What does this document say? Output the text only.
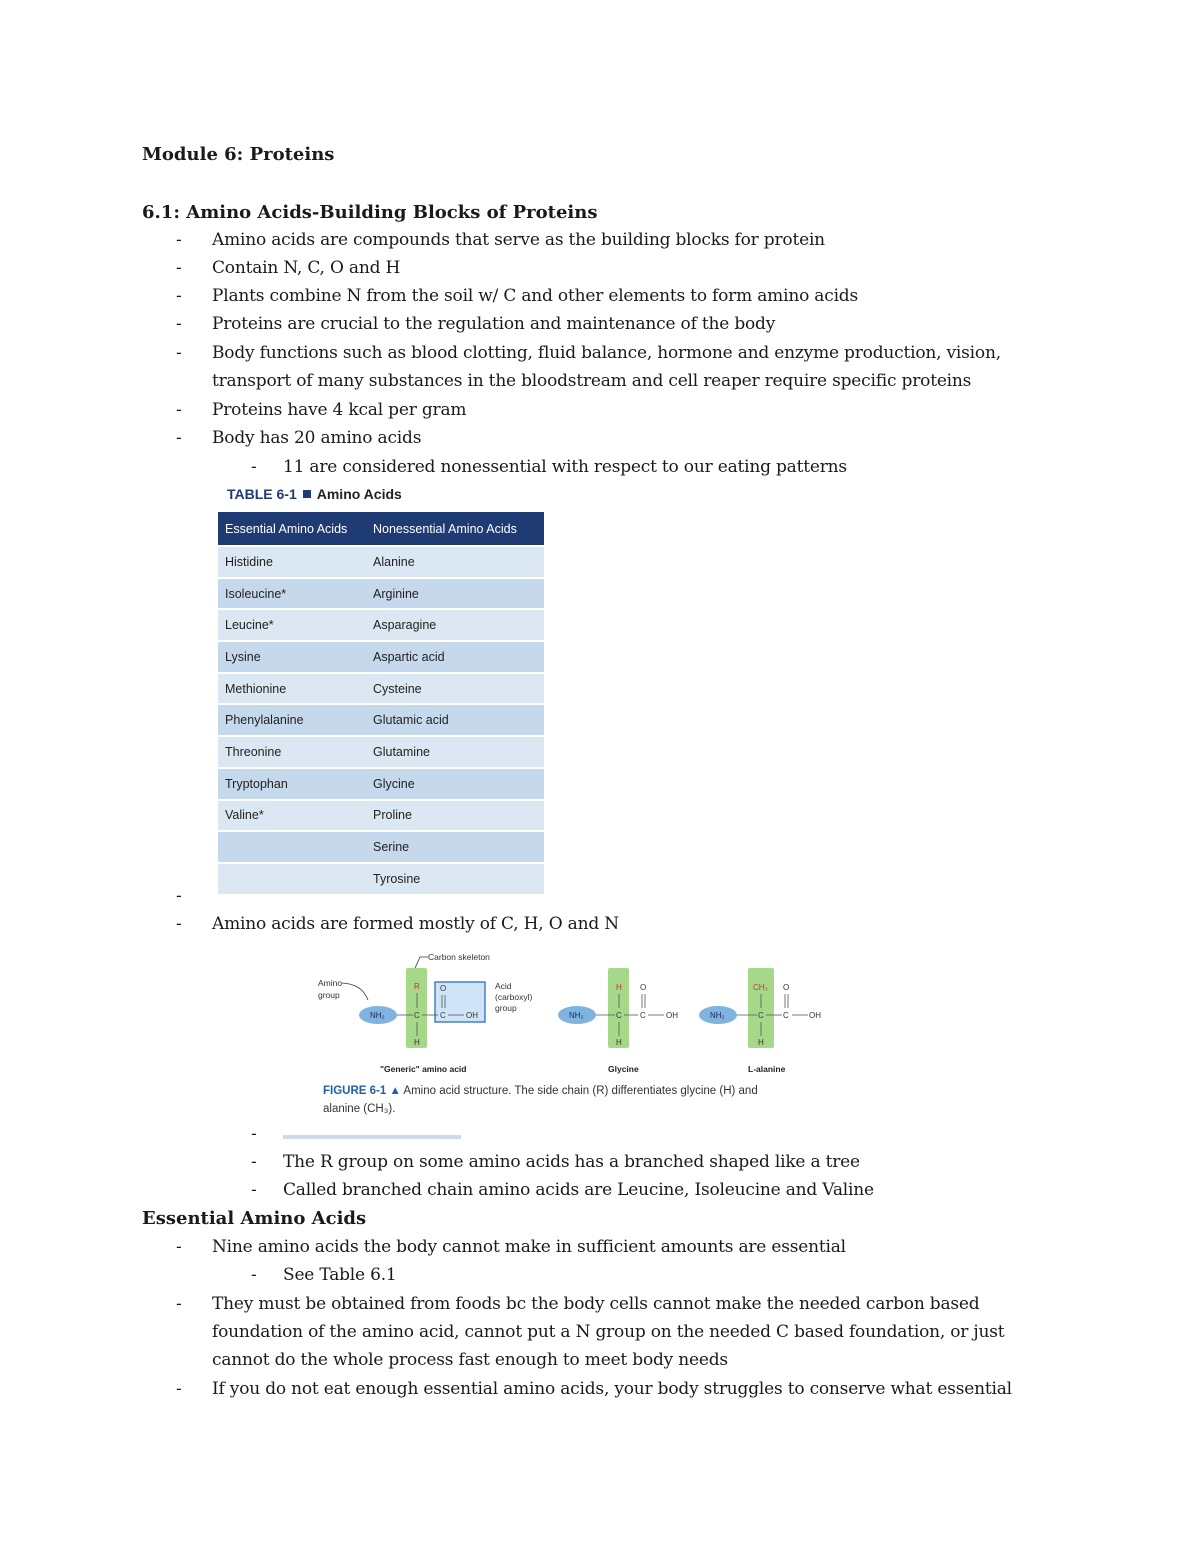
Module 6: Proteins
6.1: Amino Acids-Building Blocks of Proteins
- Amino acids are compounds that serve as the building blocks for protein
- Contain N, C, O and H
- Plants combine N from the soil w/ C and other elements to form amino acids
- Proteins are crucial to the regulation and maintenance of the body
- Body functions such as blood clotting, fluid balance, hormone and enzyme production, vision,
transport of many substances in the bloodstream and cell reaper require specific proteins
- Proteins have 4 kcal per gram
- Body has 20 amino acids
- 11 are considered nonessential with respect to our eating patterns
TABLE 6-1 Amino Acids
Essential Amino Acids	Nonessential Amino Acids
Histidine	Alanine
Isoleucine*	Arginine
Leucine*	Asparagine
Lysine	Aspartic acid
Methionine	Cysteine
Phenylalanine	Glutamic acid
Threonine	Glutamine
Tryptophan	Glycine
Valine*	Proline
	Serine
	Tyrosine
-
- Amino acids are formed mostly of C, H, O and N
Amino
group
Carbon skeleton
Acid
(carboxyl)
group
NH₂
R
C
H
O
C	OH
"Generic" amino acid
NH₂
H
C
H
O
C	OH
Glycine
NH₂
CH₃
C
H
O
C	OH
L-alanine
FIGURE 6-1 ▲ Amino acid structure. The side chain (R) differentiates glycine (H) and
alanine (CH₃).
-
- The R group on some amino acids has a branched shaped like a tree
- Called branched chain amino acids are Leucine, Isoleucine and Valine
Essential Amino Acids
- Nine amino acids the body cannot make in sufficient amounts are essential
- See Table 6.1
- They must be obtained from foods bc the body cells cannot make the needed carbon based
foundation of the amino acid, cannot put a N group on the needed C based foundation, or just
cannot do the whole process fast enough to meet body needs
- If you do not eat enough essential amino acids, your body struggles to conserve what essential
